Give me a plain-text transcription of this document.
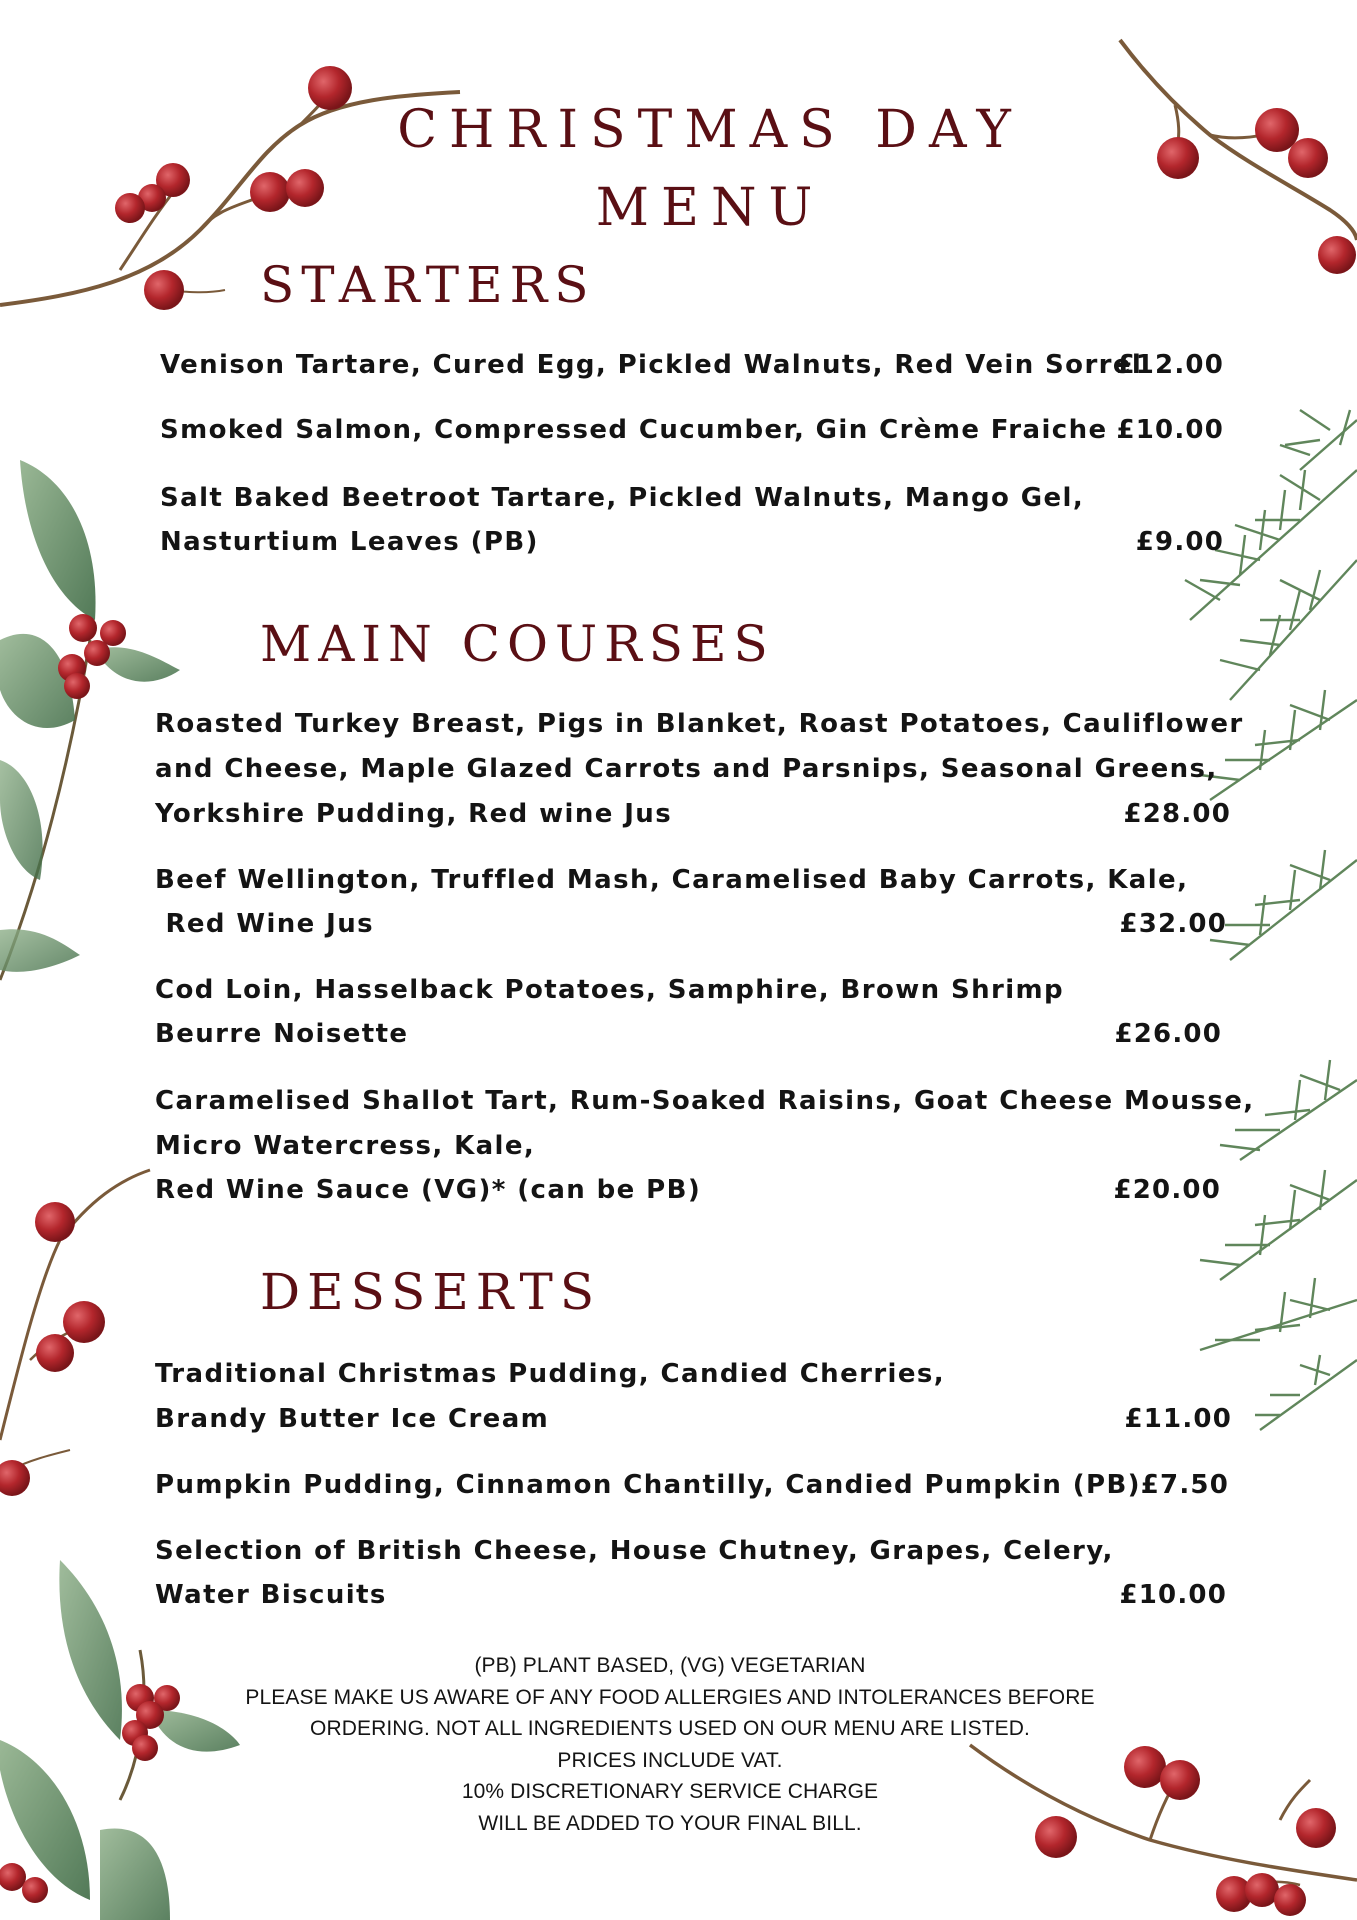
CHRISTMAS DAY
MENU
STARTERS
Venison Tartare, Cured Egg, Pickled Walnuts, Red Vein Sorrel
£12.00
Smoked Salmon, Compressed Cucumber, Gin Crème Fraiche £10.00
Salt Baked Beetroot Tartare, Pickled Walnuts, Mango Gel,
Nasturtium Leaves (PB)	£9.00
MAIN COURSES
Roasted Turkey Breast, Pigs in Blanket, Roast Potatoes, Cauliflower
and Cheese, Maple Glazed Carrots and Parsnips, Seasonal Greens,
Yorkshire Pudding, Red wine Jus	£28.00
Beef Wellington, Truffled Mash, Caramelised Baby Carrots, Kale,
Red Wine Jus	£32.00
Cod Loin, Hasselback Potatoes, Samphire, Brown Shrimp
Beurre Noisette	£26.00
Caramelised Shallot Tart, Rum-Soaked Raisins, Goat Cheese Mousse,
Micro Watercress, Kale,
Red Wine Sauce (VG)* (can be PB)	£20.00
DESSERTS
Traditional Christmas Pudding, Candied Cherries,
Brandy Butter Ice Cream	£11.00
Pumpkin Pudding, Cinnamon Chantilly, Candied Pumpkin (PB) £7.50
Selection of British Cheese, House Chutney, Grapes, Celery,
Water Biscuits	£10.00
(PB) PLANT BASED, (VG) VEGETARIAN
PLEASE MAKE US AWARE OF ANY FOOD ALLERGIES AND INTOLERANCES BEFORE
ORDERING. NOT ALL INGREDIENTS USED ON OUR MENU ARE LISTED.
PRICES INCLUDE VAT.
10% DISCRETIONARY SERVICE CHARGE
WILL BE ADDED TO YOUR FINAL BILL.
